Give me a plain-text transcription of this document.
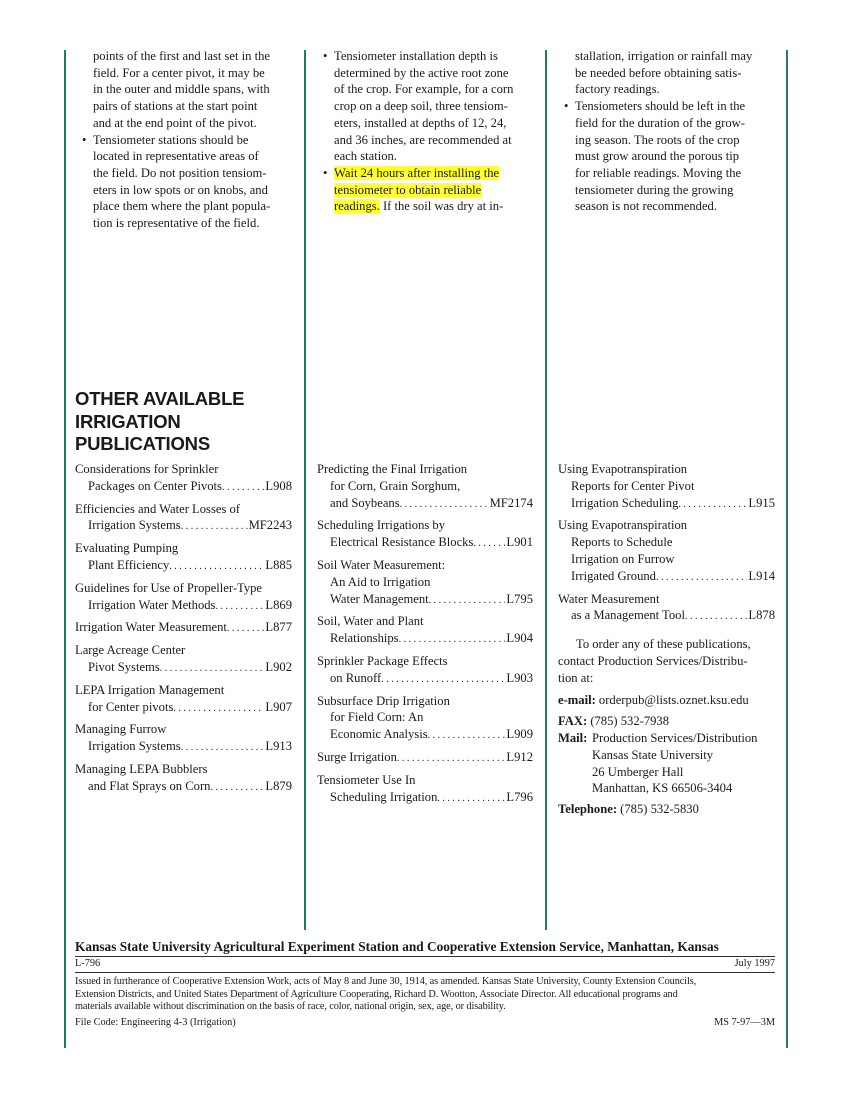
points of the first and last set in the
field. For a center pivot, it may be
in the outer and middle spans, with
pairs of stations at the start point
and at the end point of the pivot.
• Tensiometer stations should be
located in representative areas of
the field. Do not position tensiom-
eters in low spots or on knobs, and
place them where the plant popula-
tion is representative of the field.
• Tensiometer installation depth is
determined by the active root zone
of the crop. For example, for a corn
crop on a deep soil, three tensiom-
eters, installed at depths of 12, 24,
and 36 inches, are recommended at
each station.
• Wait 24 hours after installing the
tensiometer to obtain reliable
readings. If the soil was dry at in-
stallation, irrigation or rainfall may
be needed before obtaining satis-
factory readings.
• Tensiometers should be left in the
field for the duration of the grow-
ing season. The roots of the crop
must grow around the porous tip
for reliable readings. Moving the
tensiometer during the growing
season is not recommended.
OTHER AVAILABLE
IRRIGATION
PUBLICATIONS
Considerations for Sprinkler
Packages on Center Pivots . . .	L908
Efficiencies and Water Losses of
Irrigation Systems . . .	MF2243
Evaluating Pumping
Plant Efficiency . . .	L885
Guidelines for Use of Propeller-Type
Irrigation Water Methods . . .	L869
Irrigation Water Measurement . . .	L877
Large Acreage Center
Pivot Systems . . .	L902
LEPA Irrigation Management
for Center pivots . . .	L907
Managing Furrow
Irrigation Systems . . .	L913
Managing LEPA Bubblers
and Flat Sprays on Corn . . .	L879
Predicting the Final Irrigation
for Corn, Grain Sorghum,
and Soybeans . . .	MF2174
Scheduling Irrigations by
Electrical Resistance Blocks . . .	L901
Soil Water Measurement:
An Aid to Irrigation
Water Management . . .	L795
Soil, Water and Plant
Relationships . . .	L904
Sprinkler Package Effects
on Runoff . . .	L903
Subsurface Drip Irrigation
for Field Corn: An
Economic Analysis . . .	L909
Surge Irrigation . . .	L912
Tensiometer Use In
Scheduling Irrigation . . .	L796
Using Evapotranspiration
Reports for Center Pivot
Irrigation Scheduling . . .	L915
Using Evapotranspiration
Reports to Schedule
Irrigation on Furrow
Irrigated Ground . . .	L914
Water Measurement
as a Management Tool . . .	L878
To order any of these publications,
contact Production Services/Distribu-
tion at:
e-mail: orderpub@lists.oznet.ksu.edu
FAX: (785) 532-7938
Mail: Production Services/Distribution
Kansas State University
26 Umberger Hall
Manhattan, KS 66506-3404
Telephone: (785) 532-5830
Kansas State University Agricultural Experiment Station and Cooperative Extension Service, Manhattan, Kansas
L-796	July 1997
Issued in furtherance of Cooperative Extension Work, acts of May 8 and June 30, 1914, as amended. Kansas State University, County Extension Councils,
Extension Districts, and United States Department of Agriculture Cooperating, Richard D. Wootton, Associate Director. All educational programs and
materials available without discrimination on the basis of race, color, national origin, sex, age, or disability.
File Code: Engineering 4-3 (Irrigation)	MS 7-97—3M
